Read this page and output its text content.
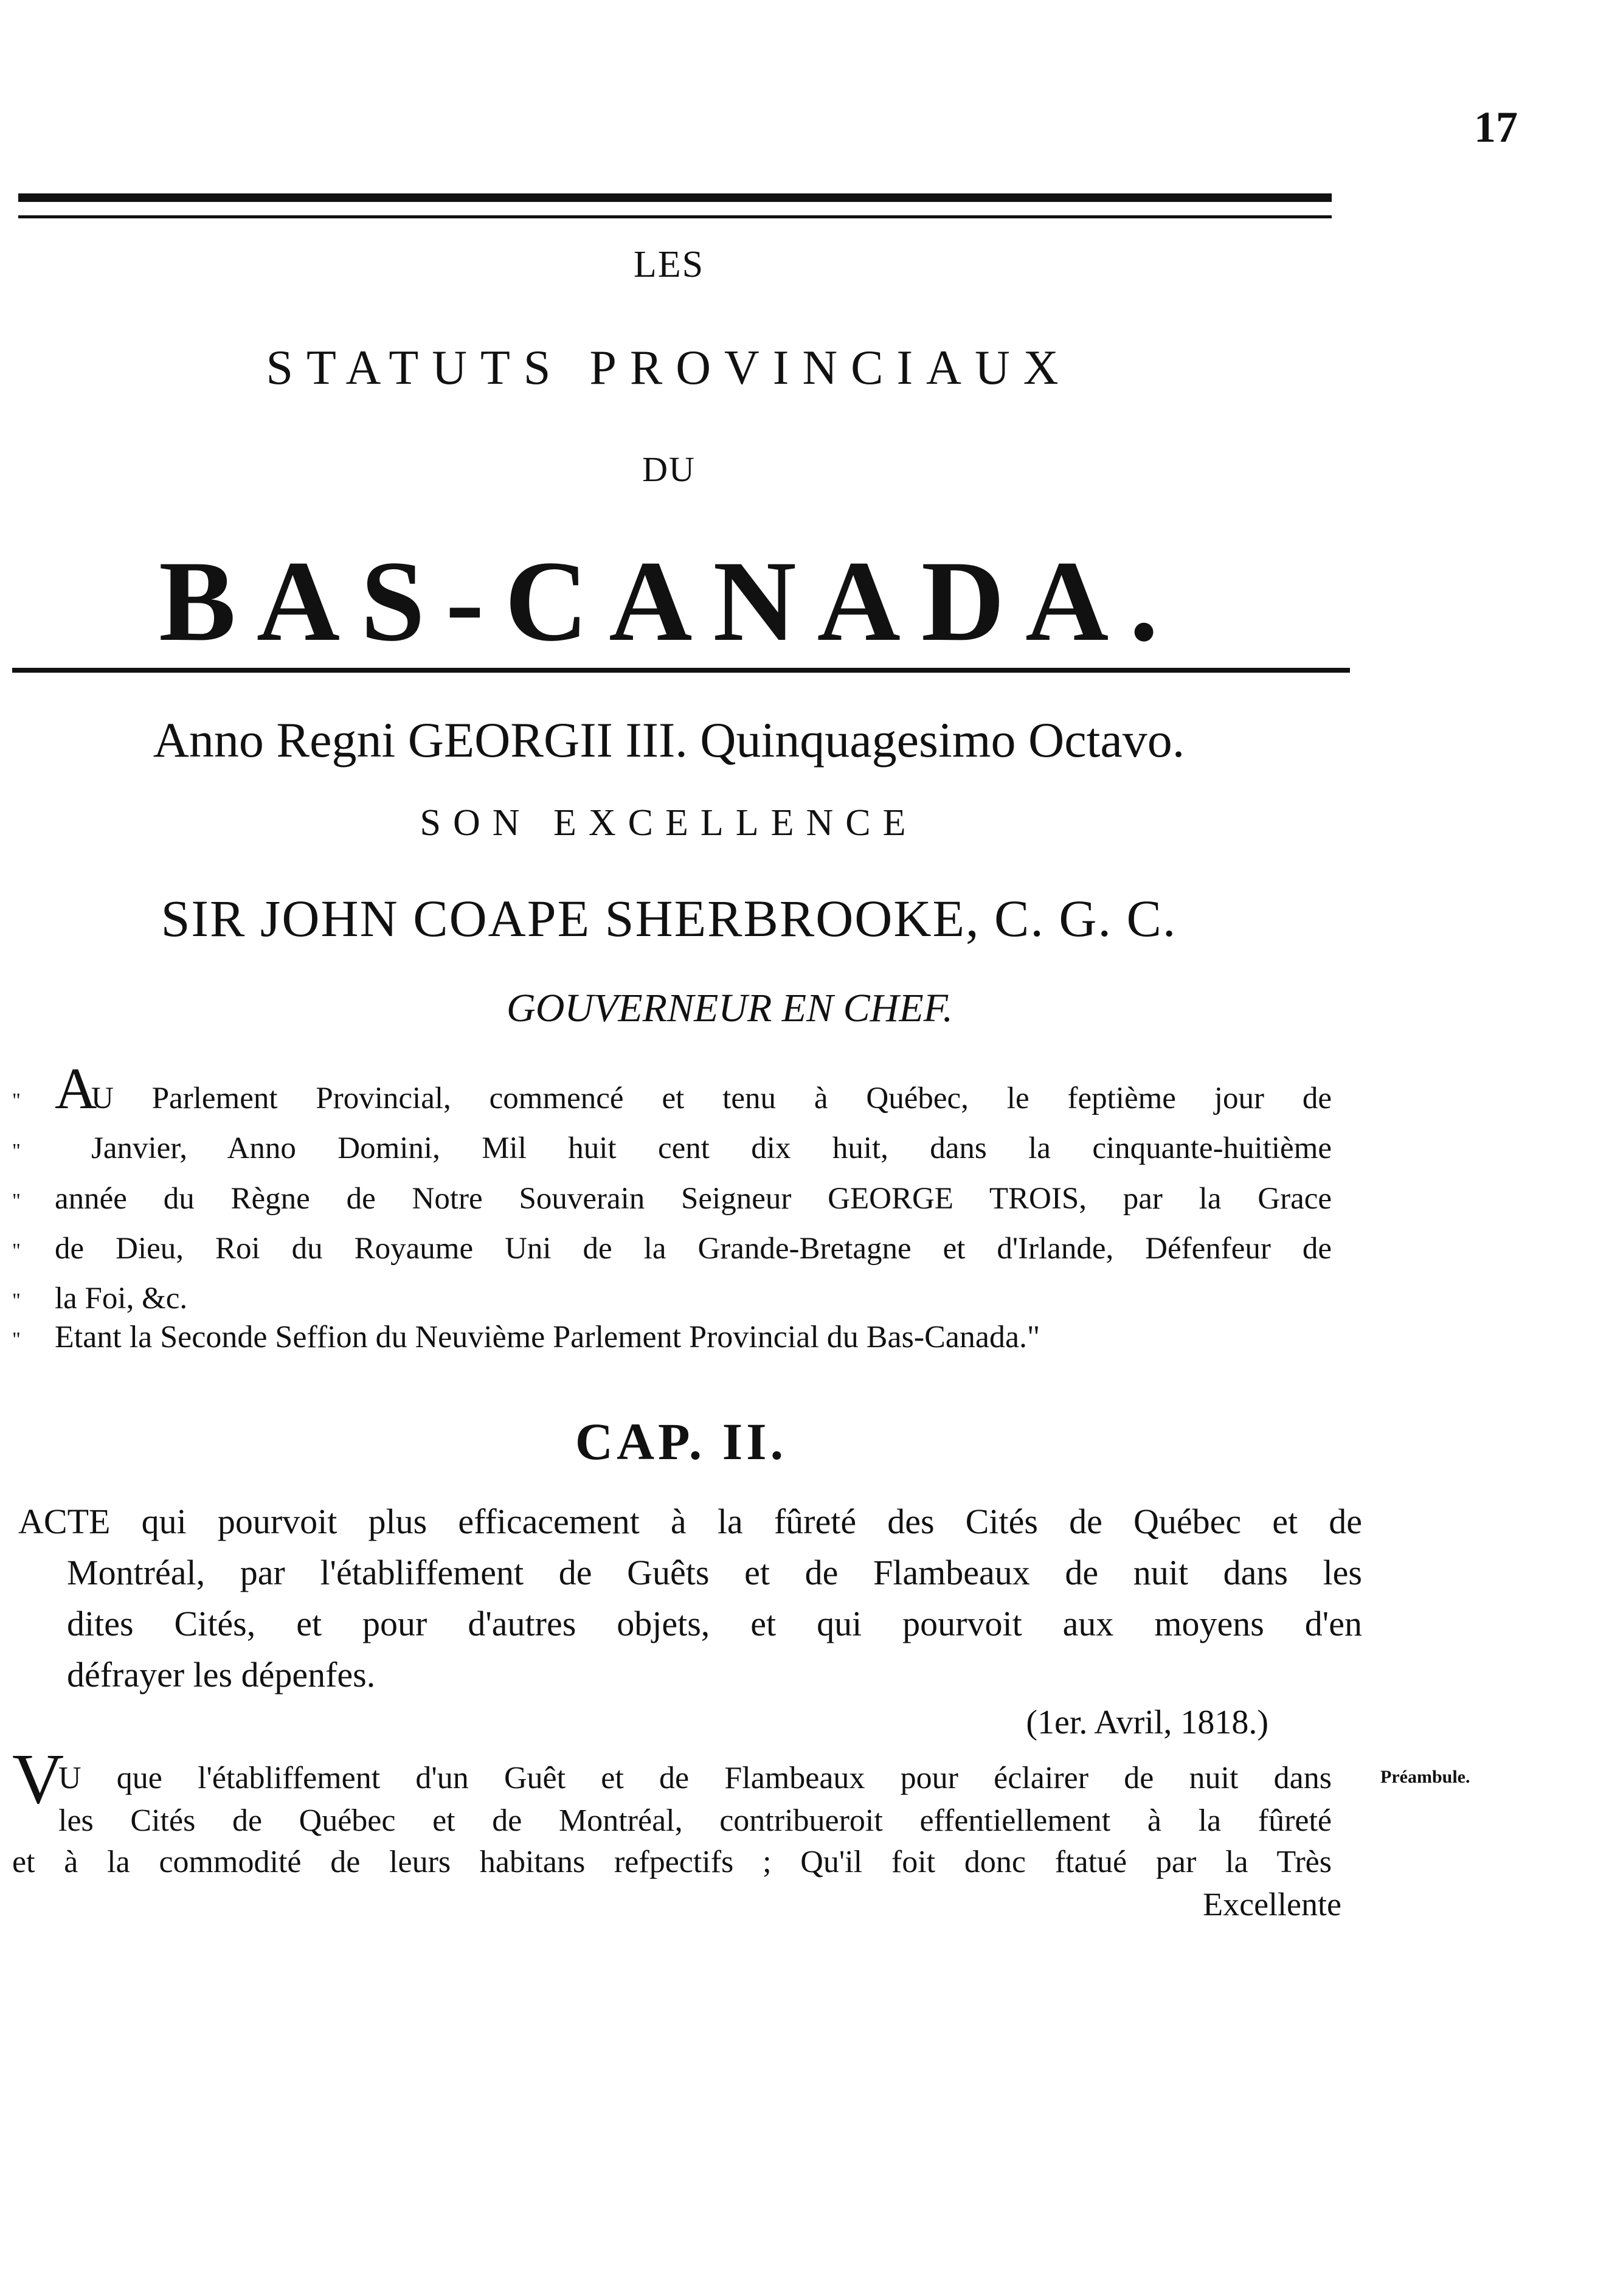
17
LES
STATUTS PROVINCIAUX
DU
BAS-CANADA.
Anno Regni GEORGII III. Quinquagesimo Octavo.
SON EXCELLENCE
SIR JOHN COAPE SHERBROOKE, C. G. C.
GOUVERNEUR EN CHEF.
" AU Parlement Provincial, commencé et tenu à Québec, le feptième jour de
" Janvier, Anno Domini, Mil huit cent dix huit, dans la cinquante-huitième
" année du Règne de Notre Souverain Seigneur GEORGE TROIS, par la Grace
" de Dieu, Roi du Royaume Uni de la Grande-Bretagne et d'Irlande, Défenfeur de
" la Foi, &c.
" Etant la Seconde Seffion du Neuvième Parlement Provincial du Bas-Canada."
CAP. II.
ACTE qui pourvoit plus efficacement à la fûreté des Cités de Québec et de
Montréal, par l'établiffement de Guêts et de Flambeaux de nuit dans les
dites Cités, et pour d'autres objets, et qui pourvoit aux moyens d'en
défrayer les dépenfes.
(1er. Avril, 1818.)
VU que l'établiffement d'un Guêt et de Flambeaux pour éclairer de nuit dans
les Cités de Québec et de Montréal, contribueroit effentiellement à la fûreté
et à la commodité de leurs habitans refpectifs ; Qu'il foit donc ftatué par la Très
Préambule.
Excellente
